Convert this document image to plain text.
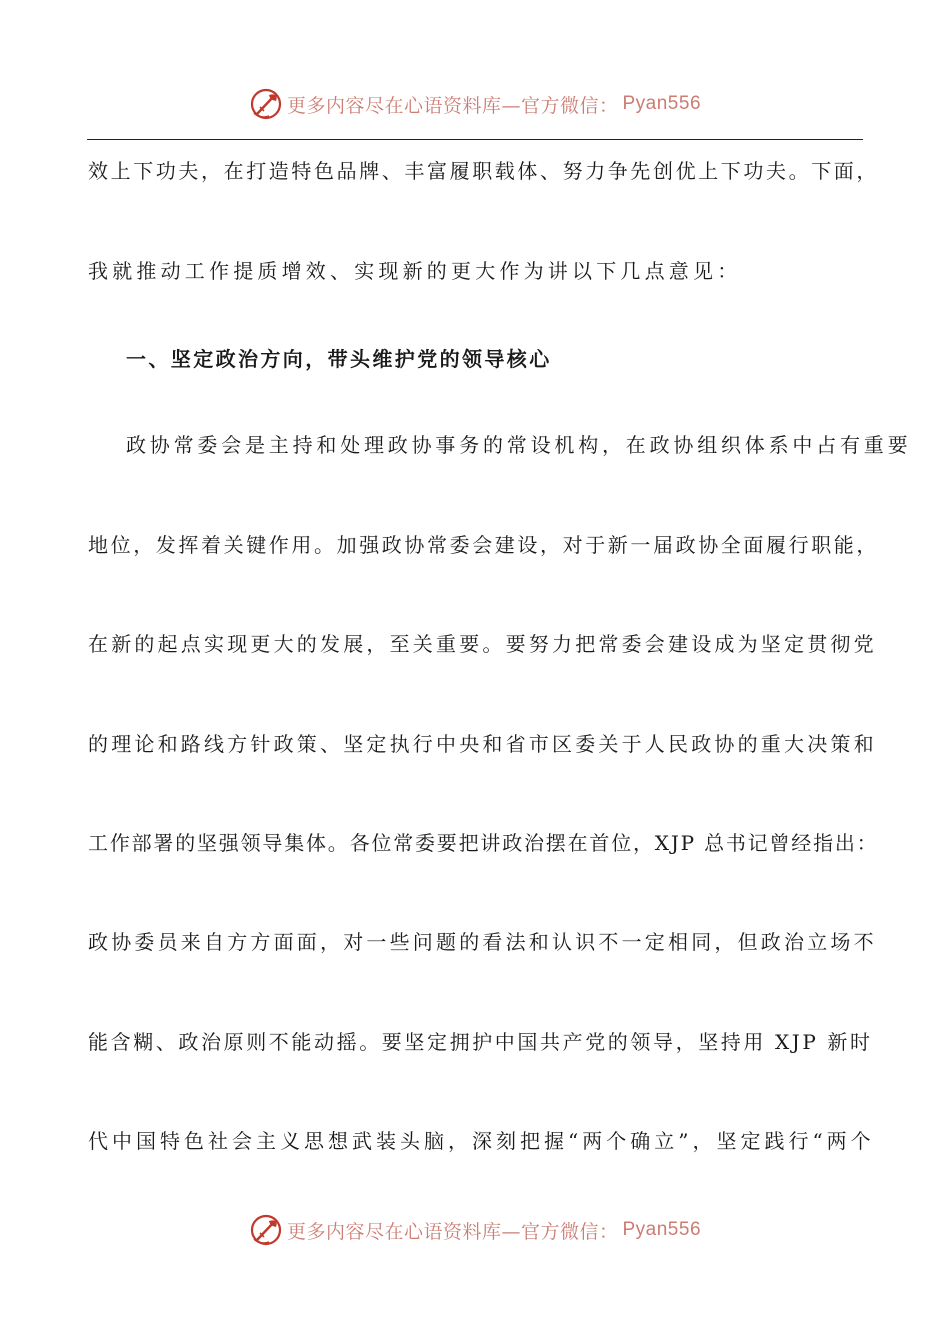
更多内容尽在心语资料库—官方微信： Pyan556
效上下功夫，在打造特色品牌、丰富履职载体、努力争先创优上下功夫。下面，
我就推动工作提质增效、实现新的更大作为讲以下几点意见：
一、坚定政治方向，带头维护党的领导核心
政协常委会是主持和处理政协事务的常设机构，在政协组织体系中占有重要
地位，发挥着关键作用。加强政协常委会建设，对于新一届政协全面履行职能，
在新的起点实现更大的发展，至关重要。要努力把常委会建设成为坚定贯彻党
的理论和路线方针政策、坚定执行中央和省市区委关于人民政协的重大决策和
工作部署的坚强领导集体。各位常委要把讲政治摆在首位，XJP 总书记曾经指出：
政协委员来自方方面面，对一些问题的看法和认识不一定相同，但政治立场不
能含糊、政治原则不能动摇。要坚定拥护中国共产党的领导，坚持用 XJP 新时
代中国特色社会主义思想武装头脑，深刻把握“两个确立”，坚定践行“两个
更多内容尽在心语资料库—官方微信： Pyan556
